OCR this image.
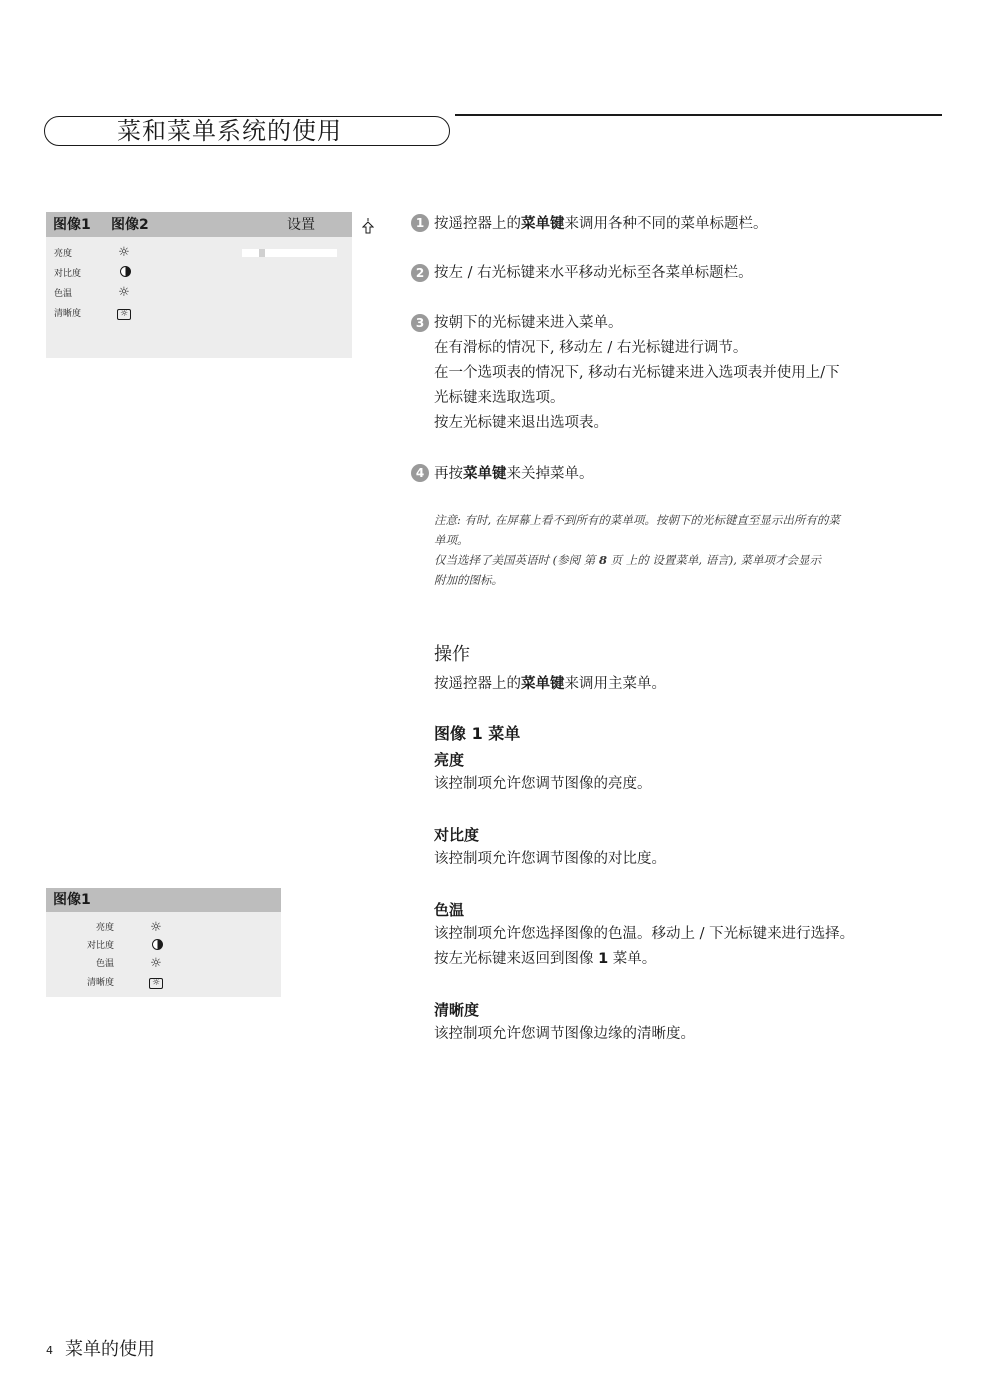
菜和菜单系统的使用
图像1 图像2	设置
亮度
对比度
色温
清晰度
☼
☼
☼
1 按遥控器上的菜单键来调用各种不同的菜单标题栏。
2 按左 / 右光标键来水平移动光标至各菜单标题栏。
3 按朝下的光标键来进入菜单。
在有滑标的情况下, 移动左 / 右光标键进行调节。
在一个选项表的情况下, 移动右光标键来进入选项表并使用上/下
光标键来选取选项。
按左光标键来退出选项表。
4 再按菜单键来关掉菜单。
注意: 有时, 在屏幕上看不到所有的菜单项。按朝下的光标键直至显示出所有的菜
单项。
仅当选择了美国英语时 (参阅 第 8 页 上的 设置菜单, 语言), 菜单项才会显示
附加的图标。
操作
按遥控器上的菜单键来调用主菜单。
图像 1 菜单
亮度
该控制项允许您调节图像的亮度。
对比度
该控制项允许您调节图像的对比度。
色温
该控制项允许您选择图像的色温。移动上 / 下光标键来进行选择。
按左光标键来返回到图像 1 菜单。
清晰度
该控制项允许您调节图像边缘的清晰度。
图像1
亮度
对比度
色温
清晰度
☼
☼
☼
4 菜单的使用
